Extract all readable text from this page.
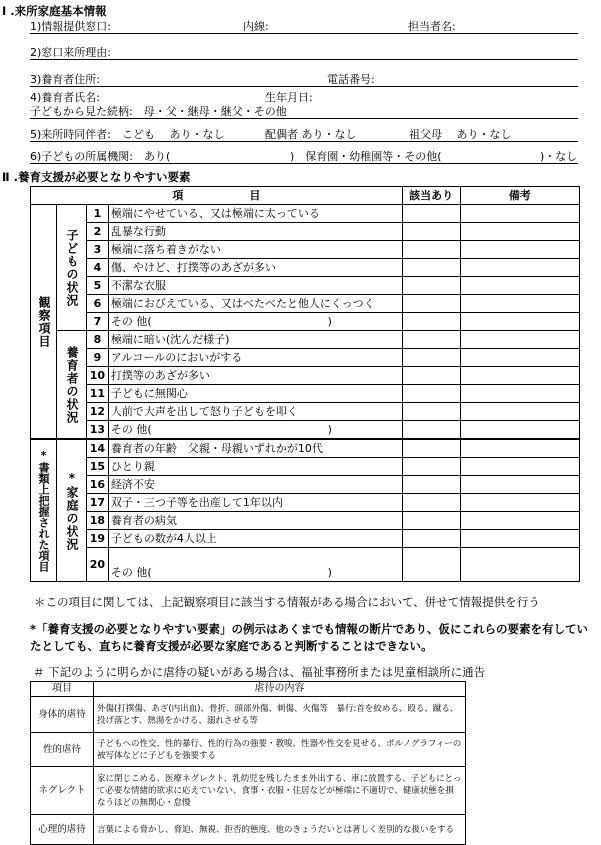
Ⅰ .来所家庭基本情報
1)情報提供窓口:	内線:	担当者名:
2)窓口来所理由:
3)養育者住所:	電話番号:
4)養育者氏名:	生年月日:
子どもから見た続柄:　母・父・継母・継父・その他
5)来所時同伴者:　こども　 あり・なし	配偶者 あり・なし	祖父母　 あり・なし
6)子どもの所属機関:　あり(	)　保育園・幼稚園等・その他(	)・なし
Ⅱ .養育支援が必要となりやすい要素
項　　　　　　目				該当あり	備考

観察項目	子どもの状況	1	極端にやせている、又は極端に太っている		
		2	乱暴な行動		
		3	極端に落ち着きがない		
		4	傷、やけど、打撲等のあざが多い		
		5	不潔な衣服		
		6	極端におびえている、又はべたべたと他人にくっつく		
		7	その 他(　　　　　　　　　　　　　　　　)		

	養育者の状況	8	極端に暗い(沈んだ様子)		
		9	アルコールのにおいがする		
		10	打撲等のあざが多い		
		11	子どもに無関心		
		12	人前で大声を出して怒り子どもを叩く		
		13	その 他(　　　　　　　　　　　　　　　　)		

*書類上把握された項目	*家庭の状況	14	養育者の年齢　父親・母親いずれかが10代		
		15	ひとり親		
		16	経済不安		
		17	双子・三つ子等を出産して1年以内		
		18	養育者の病気		
		19	子どもの数が4人以上		
		20	その 他(　　　　　　　　　　　　　　　　)		
＊この項目に関しては、上記観察項目に該当する情報がある場合において、併せて情報提供を行う
*「養育支援の必要となりやすい要素」の例示はあくまでも情報の断片であり、仮にこれらの要素を有していたとしても、直ちに養育支援が必要な家庭であると判断することはできない。
＃ 下記のように明らかに虐待の疑いがある場合は、福祉事務所または児童相談所に通告
項目	虐待の内容
身体的虐待	外傷(打撲傷、あざ(内出血)、骨折、頭部外傷、刺傷、火傷等　暴行:首を絞める、殴る、蹴る、投げ落とす、熱湯をかける、溺れさせる等
性的虐待	子どもへの性交、性的暴行、性的行為の強要・教唆、性器や性交を見せる、ポルノグラフィーの被写体などに子どもを強要する
ネグレクト	家に閉じこめる、医療ネグレクト、乳幼児を残したまま外出する、車に放置する、子どもにとって必要な情緒的欲求に応えていない、食事・衣服・住居などが極端に不適切で、健康状態を損なうほどの無関心・怠慢
心理的虐待	言葉による脅かし、脅迫、無視、拒否的態度、他のきょうだいとは著しく差別的な扱いをする
